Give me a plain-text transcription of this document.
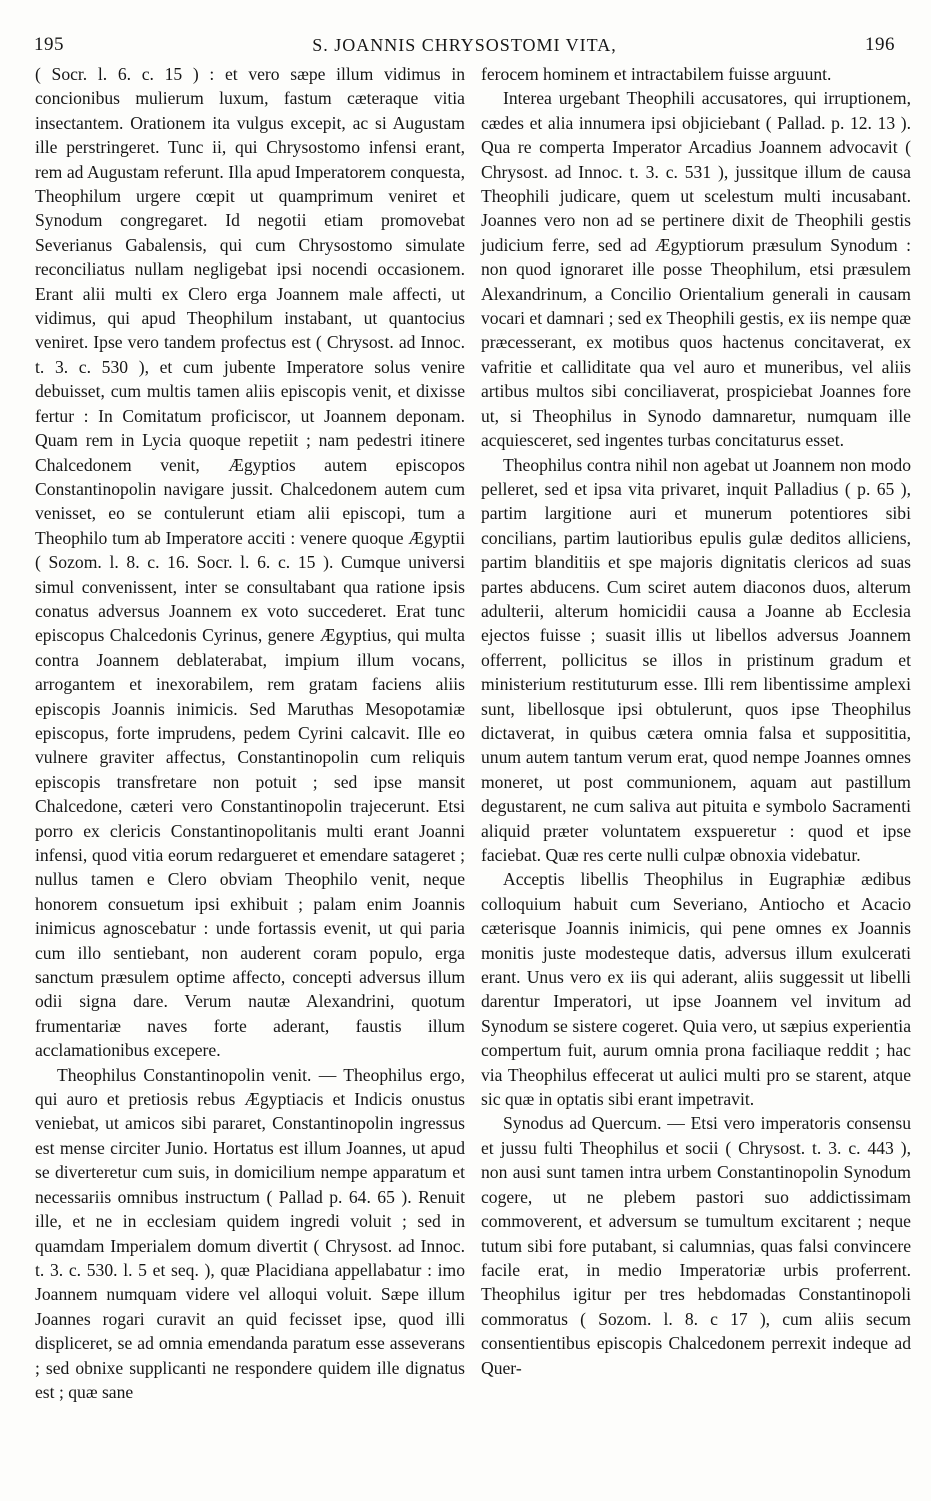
195	S. JOANNIS CHRYSOSTOMI VITA,	196

( Socr. l. 6. c. 15 ) : et vero sæpe illum vidimus in concionibus mulierum luxum, fastum cæteraque vitia insectantem. Orationem ita vulgus excepit, ac si Augustam ille perstringeret. Tunc ii, qui Chrysostomo infensi erant, rem ad Augustam referunt. Illa apud Imperatorem conquesta, Theophilum urgere cœpit ut quamprimum veniret et Synodum congregaret. Id negotii etiam promovebat Severianus Gabalensis, qui cum Chrysostomo simulate reconciliatus nullam negligebat ipsi nocendi occasionem. Erant alii multi ex Clero erga Joannem male affecti, ut vidimus, qui apud Theophilum instabant, ut quantocius veniret. Ipse vero tandem profectus est ( Chrysost. ad Innoc. t. 3. c. 530 ), et cum jubente Imperatore solus venire debuisset, cum multis tamen aliis episcopis venit, et dixisse fertur : In Comitatum proficiscor, ut Joannem deponam. Quam rem in Lycia quoque repetiit ; nam pedestri itinere Chalcedonem venit, Ægyptios autem episcopos Constantinopolin navigare jussit. Chalcedonem autem cum venisset, eo se contulerunt etiam alii episcopi, tum a Theophilo tum ab Imperatore acciti : venere quoque Ægyptii ( Sozom. l. 8. c. 16. Socr. l. 6. c. 15 ). Cumque universi simul convenissent, inter se consultabant qua ratione ipsis conatus adversus Joannem ex voto succederet. Erat tunc episcopus Chalcedonis Cyrinus, genere Ægyptius, qui multa contra Joannem deblaterabat, impium illum vocans, arrogantem et inexorabilem, rem gratam faciens aliis episcopis Joannis inimicis. Sed Maruthas Mesopotamiæ episcopus, forte imprudens, pedem Cyrini calcavit. Ille eo vulnere graviter affectus, Constantinopolin cum reliquis episcopis transfretare non potuit ; sed ipse mansit Chalcedone, cæteri vero Constantinopolin trajecerunt. Etsi porro ex clericis Constantinopolitanis multi erant Joanni infensi, quod vitia eorum redargueret et emendare satageret ; nullus tamen e Clero obviam Theophilo venit, neque honorem consuetum ipsi exhibuit ; palam enim Joannis inimicus agnoscebatur : unde fortassis evenit, ut qui paria cum illo sentiebant, non auderent coram populo, erga sanctum præsulem optime affecto, concepti adversus illum odii signa dare. Verum nautæ Alexandrini, quotum frumentariæ naves forte aderant, faustis illum acclamationibus excepere.

Theophilus Constantinopolin venit. — Theophilus ergo, qui auro et pretiosis rebus Ægyptiacis et Indicis onustus veniebat, ut amicos sibi pararet, Constantinopolin ingressus est mense circiter Junio. Hortatus est illum Joannes, ut apud se diverteretur cum suis, in domicilium nempe apparatum et necessariis omnibus instructum ( Pallad p. 64. 65 ). Renuit ille, et ne in ecclesiam quidem ingredi voluit ; sed in quamdam Imperialem domum divertit ( Chrysost. ad Innoc. t. 3. c. 530. l. 5 et seq. ), quæ Placidiana appellabatur : imo Joannem numquam videre vel alloqui voluit. Sæpe illum Joannes rogari curavit an quid fecisset ipse, quod illi displiceret, se ad omnia emendanda paratum esse asseverans ; sed obnixe supplicanti ne respondere quidem ille dignatus est ; quæ sane

ferocem hominem et intractabilem fuisse arguunt.

Interea urgebant Theophili accusatores, qui irruptionem, cædes et alia innumera ipsi objiciebant ( Pallad. p. 12. 13 ). Qua re comperta Imperator Arcadius Joannem advocavit ( Chrysost. ad Innoc. t. 3. c. 531 ), jussitque illum de causa Theophili judicare, quem ut scelestum multi incusabant. Joannes vero non ad se pertinere dixit de Theophili gestis judicium ferre, sed ad Ægyptiorum præsulum Synodum : non quod ignoraret ille posse Theophilum, etsi præsulem Alexandrinum, a Concilio Orientalium generali in causam vocari et damnari ; sed ex Theophili gestis, ex iis nempe quæ præcesserant, ex motibus quos hactenus concitaverat, ex vafritie et calliditate qua vel auro et muneribus, vel aliis artibus multos sibi conciliaverat, prospiciebat Joannes fore ut, si Theophilus in Synodo damnaretur, numquam ille acquiesceret, sed ingentes turbas concitaturus esset.

Theophilus contra nihil non agebat ut Joannem non modo pelleret, sed et ipsa vita privaret, inquit Palladius ( p. 65 ), partim largitione auri et munerum potentiores sibi concilians, partim lautioribus epulis gulæ deditos alliciens, partim blanditiis et spe majoris dignitatis clericos ad suas partes abducens. Cum sciret autem diaconos duos, alterum adulterii, alterum homicidii causa a Joanne ab Ecclesia ejectos fuisse ; suasit illis ut libellos adversus Joannem offerrent, pollicitus se illos in pristinum gradum et ministerium restituturum esse. Illi rem libentissime amplexi sunt, libellosque ipsi obtulerunt, quos ipse Theophilus dictaverat, in quibus cætera omnia falsa et supposititia, unum autem tantum verum erat, quod nempe Joannes omnes moneret, ut post communionem, aquam aut pastillum degustarent, ne cum saliva aut pituita e symbolo Sacramenti aliquid præter voluntatem exspueretur : quod et ipse faciebat. Quæ res certe nulli culpæ obnoxia videbatur.

Acceptis libellis Theophilus in Eugraphiæ ædibus colloquium habuit cum Severiano, Antiocho et Acacio cæterisque Joannis inimicis, qui pene omnes ex Joannis monitis juste modesteque datis, adversus illum exulcerati erant. Unus vero ex iis qui aderant, aliis suggessit ut libelli darentur Imperatori, ut ipse Joannem vel invitum ad Synodum se sistere cogeret. Quia vero, ut sæpius experientia compertum fuit, aurum omnia prona faciliaque reddit ; hac via Theophilus effecerat ut aulici multi pro se starent, atque sic quæ in optatis sibi erant impetravit.

Synodus ad Quercum. — Etsi vero imperatoris consensu et jussu fulti Theophilus et socii ( Chrysost. t. 3. c. 443 ), non ausi sunt tamen intra urbem Constantinopolin Synodum cogere, ut ne plebem pastori suo addictissimam commoverent, et adversum se tumultum excitarent ; neque tutum sibi fore putabant, si calumnias, quas falsi convincere facile erat, in medio Imperatoriæ urbis proferrent. Theophilus igitur per tres hebdomadas Constantinopoli commoratus ( Sozom. l. 8. c 17 ), cum aliis secum consentientibus episcopis Chalcedonem perrexit indeque ad Quer-
